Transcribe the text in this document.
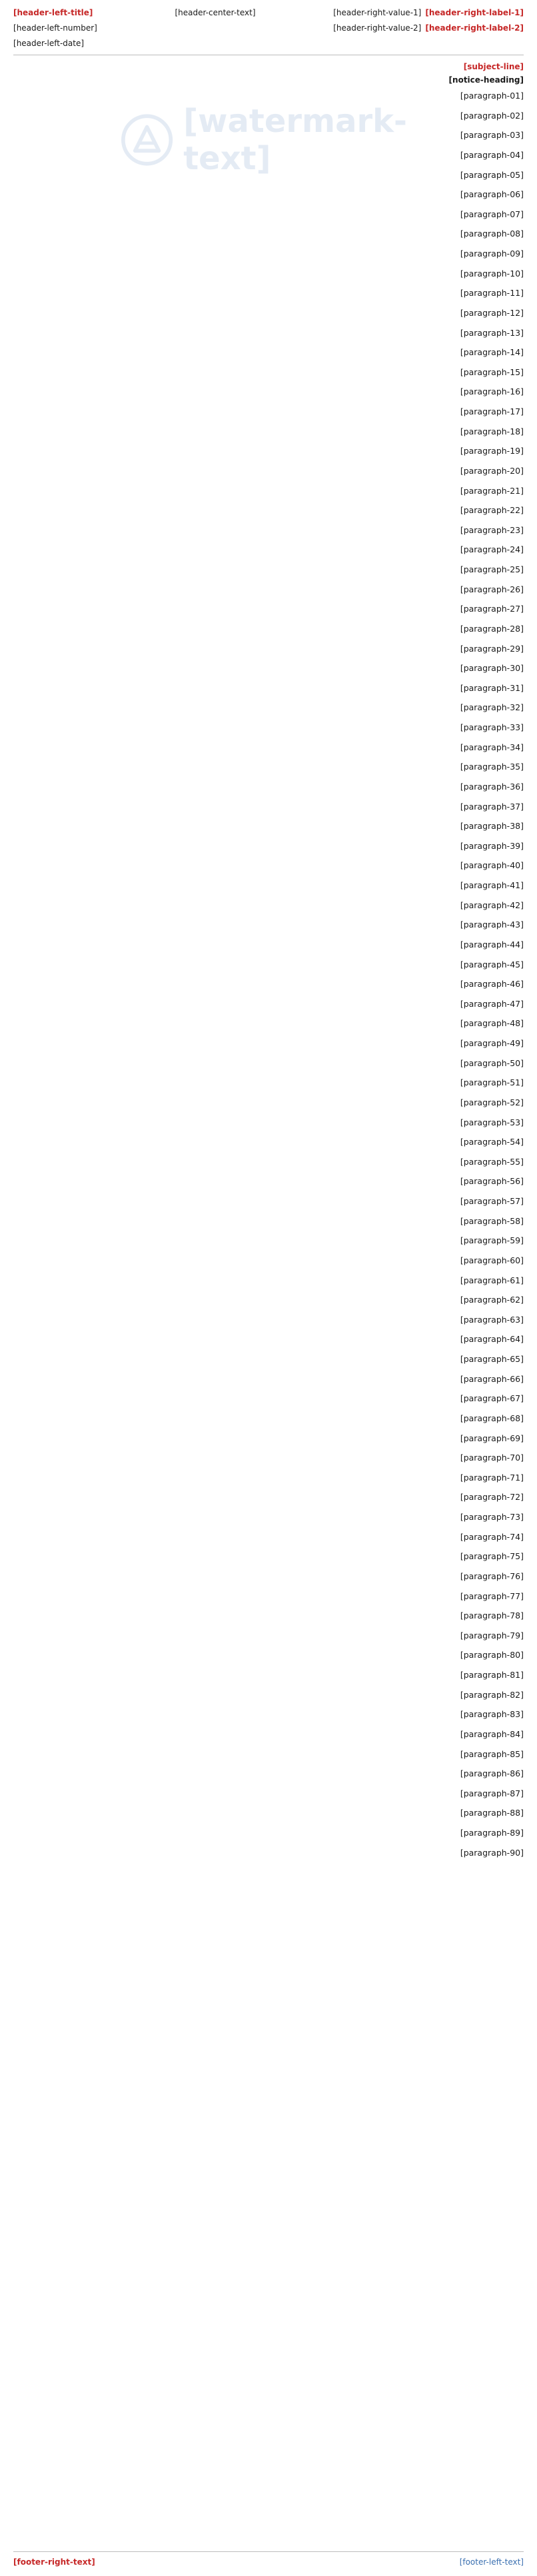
[header-right-label-1]
[header-right-value-1]
[header-right-label-2]
[header-right-value-2]
[header-center-text]
[header-left-title]
[header-left-number]
[header-left-date]
[subject-line]
[notice-heading]

[paragraph-01]

[paragraph-02]

[paragraph-03]

[paragraph-04]

[paragraph-05]

[paragraph-06]

[paragraph-07]

[paragraph-08]

[paragraph-09]

[paragraph-10]

[paragraph-11]

[paragraph-12]

[paragraph-13]

[paragraph-14]

[paragraph-15]

[paragraph-16]

[paragraph-17]

[paragraph-18]

[paragraph-19]

[paragraph-20]

[paragraph-21]

[paragraph-22]

[paragraph-23]

[paragraph-24]

[paragraph-25]

[paragraph-26]

[paragraph-27]

[paragraph-28]

[paragraph-29]

[paragraph-30]

[paragraph-31]

[paragraph-32]

[paragraph-33]

[paragraph-34]

[paragraph-35]

[paragraph-36]

[paragraph-37]

[paragraph-38]

[paragraph-39]

[paragraph-40]

[paragraph-41]

[paragraph-42]

[paragraph-43]

[paragraph-44]

[paragraph-45]

[paragraph-46]

[paragraph-47]

[paragraph-48]

[paragraph-49]

[paragraph-50]

[paragraph-51]

[paragraph-52]

[paragraph-53]

[paragraph-54]

[paragraph-55]

[paragraph-56]

[paragraph-57]

[paragraph-58]

[paragraph-59]

[paragraph-60]

[paragraph-61]

[paragraph-62]

[paragraph-63]

[paragraph-64]

[paragraph-65]

[paragraph-66]

[paragraph-67]

[paragraph-68]

[paragraph-69]

[paragraph-70]

[paragraph-71]

[paragraph-72]

[paragraph-73]

[paragraph-74]

[paragraph-75]

[paragraph-76]

[paragraph-77]

[paragraph-78]

[paragraph-79]

[paragraph-80]

[paragraph-81]

[paragraph-82]

[paragraph-83]

[paragraph-84]

[paragraph-85]

[paragraph-86]

[paragraph-87]

[paragraph-88]

[paragraph-89]

[paragraph-90]

[footer-left-text]
[footer-right-text]
[watermark-text]
